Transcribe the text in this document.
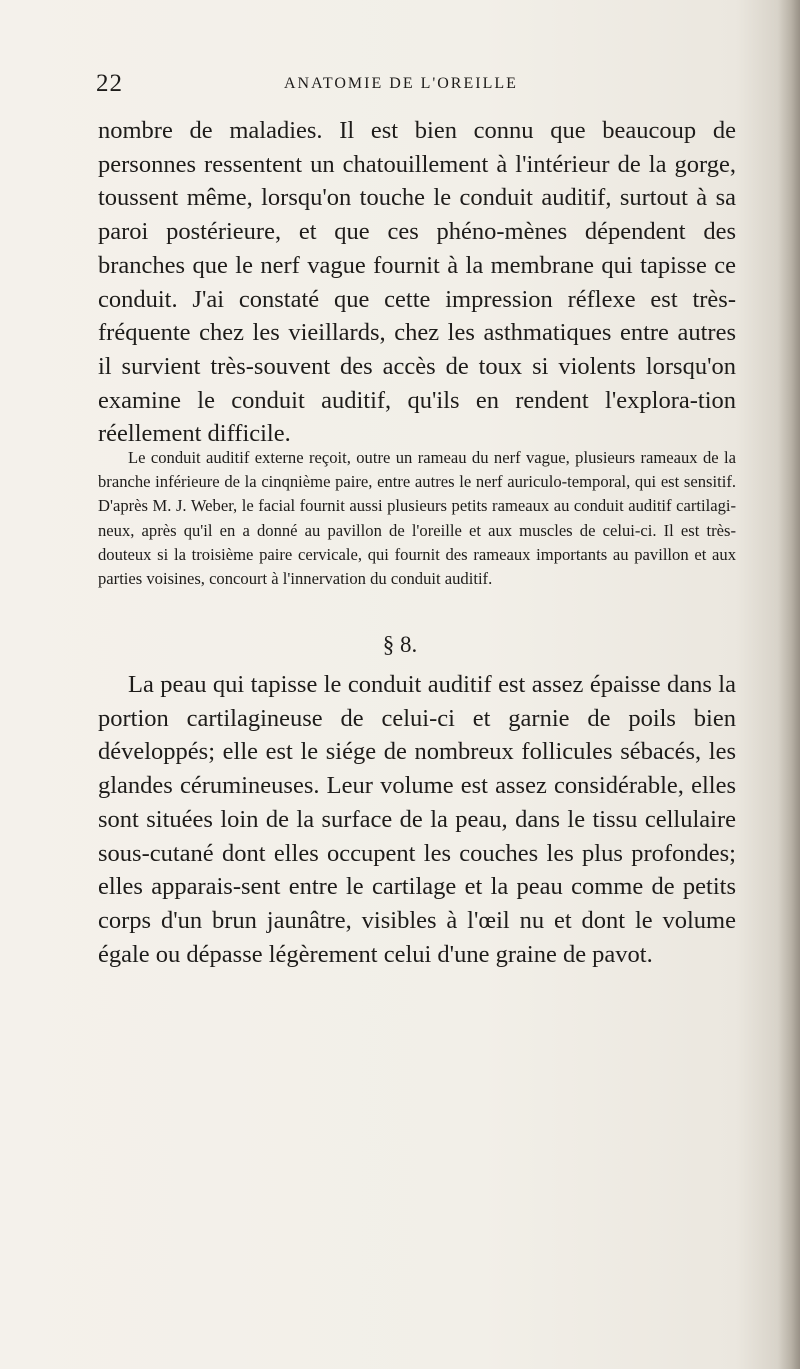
22	ANATOMIE DE L'OREILLE

nombre de maladies. Il est bien connu que beaucoup de personnes ressentent un chatouillement à l'intérieur de la gorge, toussent même, lorsqu'on touche le conduit auditif, surtout à sa paroi postérieure, et que ces phéno-mènes dépendent des branches que le nerf vague fournit à la membrane qui tapisse ce conduit. J'ai constaté que cette impression réflexe est très-fréquente chez les vieillards, chez les asthmatiques entre autres il survient très-souvent des accès de toux si violents lorsqu'on examine le conduit auditif, qu'ils en rendent l'explora-tion réellement difficile.

Le conduit auditif externe reçoit, outre un rameau du nerf vague, plusieurs rameaux de la branche inférieure de la cinqnième paire, entre autres le nerf auriculo-temporal, qui est sensitif. D'après M. J. Weber, le facial fournit aussi plusieurs petits rameaux au conduit auditif cartilagi-neux, après qu'il en a donné au pavillon de l'oreille et aux muscles de celui-ci. Il est très-douteux si la troisième paire cervicale, qui fournit des rameaux importants au pavillon et aux parties voisines, concourt à l'innervation du conduit auditif.

§ 8.

La peau qui tapisse le conduit auditif est assez épaisse dans la portion cartilagineuse de celui-ci et garnie de poils bien développés; elle est le siége de nombreux follicules sébacés, les glandes cérumineuses. Leur volume est assez considérable, elles sont situées loin de la surface de la peau, dans le tissu cellulaire sous-cutané dont elles occupent les couches les plus profondes; elles apparais-sent entre le cartilage et la peau comme de petits corps d'un brun jaunâtre, visibles à l'œil nu et dont le volume égale ou dépasse légèrement celui d'une graine de pavot.
